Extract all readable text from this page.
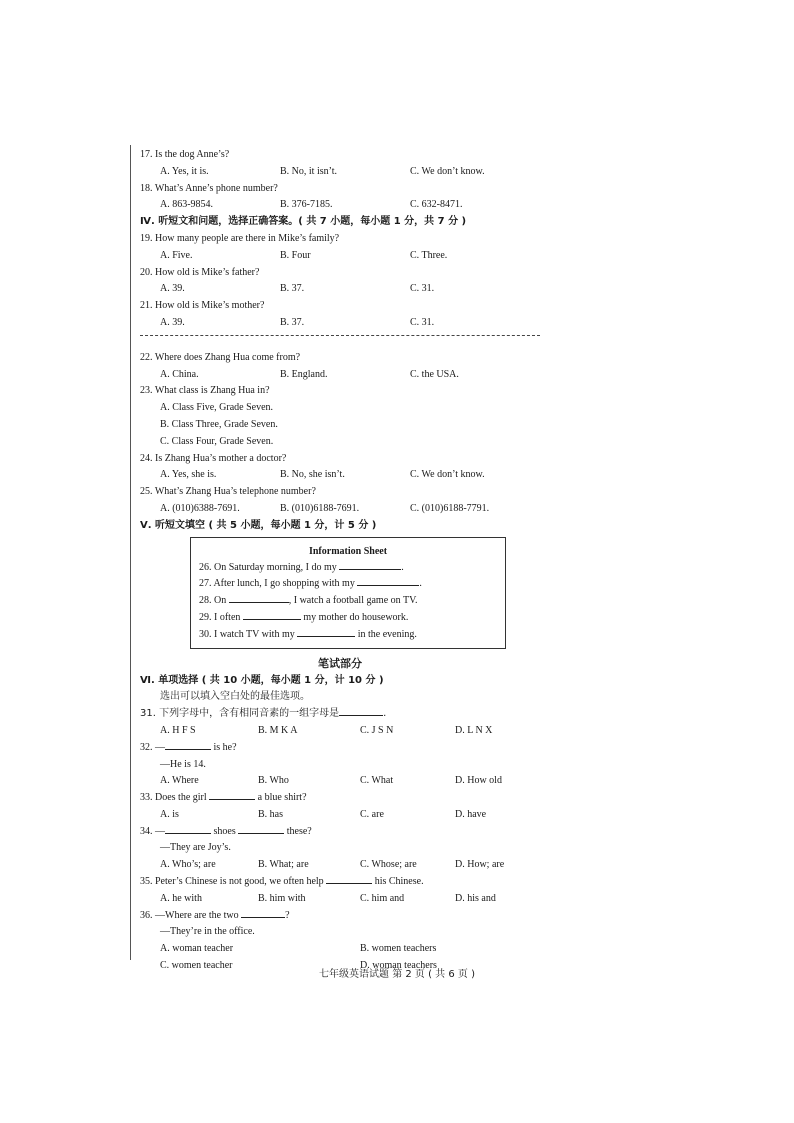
17. Is the dog Anne’s?
A. Yes, it is.	B. No, it isn’t.	C. We don’t know.
18. What’s Anne’s phone number?
A. 863-9854.	B. 376-7185.	C. 632-8471.
Ⅳ. 听短文和问题，选择正确答案。( 共 7 小题，每小题 1 分，共 7 分 )
19. How many people are there in Mike’s family?
A. Five.	B. Four	C. Three.
20. How old is Mike’s father?
A. 39.	B. 37.	C. 31.
21. How old is Mike’s mother?
A. 39.	B. 37.	C. 31.
22. Where does Zhang Hua come from?
A. China.	B. England.	C. the USA.
23. What class is Zhang Hua in?
A. Class Five, Grade Seven.
B. Class Three, Grade Seven.
C. Class Four, Grade Seven.
24. Is Zhang Hua’s mother a doctor?
A. Yes, she is.	B. No, she isn’t.	C. We don’t know.
25. What’s Zhang Hua’s telephone number?
A. (010)6388-7691.	B. (010)6188-7691.	C. (010)6188-7791.
Ⅴ. 听短文填空 ( 共 5 小题，每小题 1 分，计 5 分 )
Information Sheet
26. On Saturday morning, I do my	.
27. After lunch, I go shopping with my	.
28. On	, I watch a football game on TV.
29. I often	my mother do housework.
30. I watch TV with my	in the evening.
笔试部分
Ⅵ. 单项选择 ( 共 10 小题，每小题 1 分，计 10 分 )
选出可以填入空白处的最佳选项。
31. 下列字母中，含有相同音素的一组字母是	.
A. H F S	B. M K A	C. J S N	D. L N X
32. —	is he?
—He is 14.
A. Where	B. Who	C. What	D. How old
33. Does the girl	a blue shirt?
A. is	B. has	C. are	D. have
34. —	shoes	these?
—They are Joy’s.
A. Who’s; are	B. What; are	C. Whose; are	D. How; are
35. Peter’s Chinese is not good, we often help	his Chinese.
A. he with	B. him with	C. him and	D. his and
36. —Where are the two	?
—They’re in the office.
A. woman teacher	B. women teachers
C. women teacher	D. woman teachers
七年级英语试题 第 2 页 ( 共 6 页 )
